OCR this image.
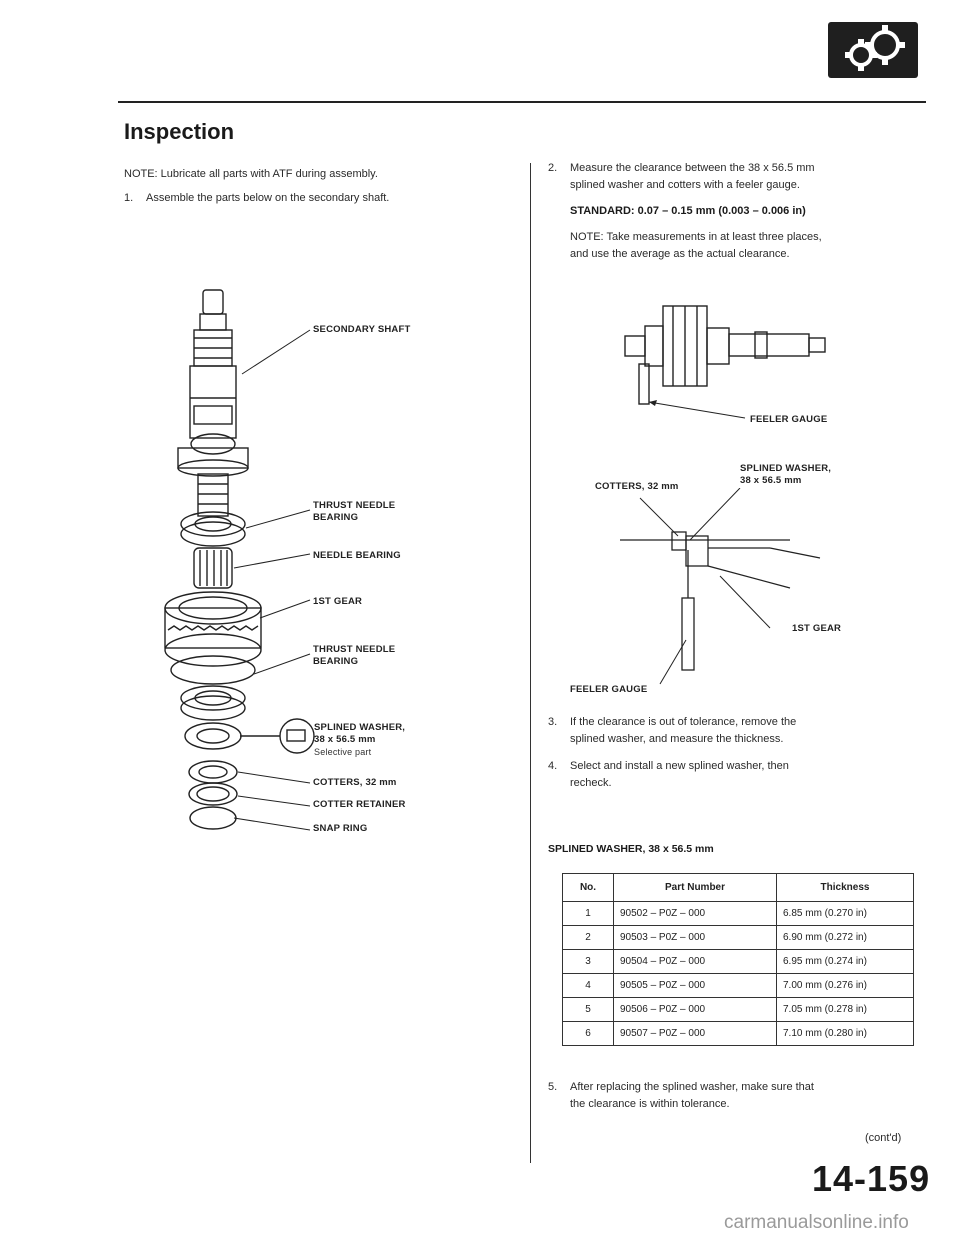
Inspection
NOTE: Lubricate all parts with ATF during assembly.
1. Assemble the parts below on the secondary shaft.
SECONDARY SHAFT
THRUST NEEDLE
BEARING
NEEDLE BEARING
1ST GEAR
THRUST NEEDLE
BEARING
SPLINED WASHER,
38 x 56.5 mm
Selective part
COTTERS, 32 mm
COTTER RETAINER
SNAP RING
2. Measure the clearance between the 38 x 56.5 mm
splined washer and cotters with a feeler gauge.
STANDARD: 0.07 – 0.15 mm (0.003 – 0.006 in)
NOTE: Take measurements in at least three places,
and use the average as the actual clearance.
FEELER GAUGE
SPLINED WASHER,
38 x 56.5 mm
COTTERS, 32 mm
1ST GEAR
FEELER GAUGE
3. If the clearance is out of tolerance, remove the
splined washer, and measure the thickness.
4. Select and install a new splined washer, then
recheck.
SPLINED WASHER, 38 x 56.5 mm
No.	Part Number	Thickness
1	90502 – P0Z – 000	6.85 mm (0.270 in)
2	90503 – P0Z – 000	6.90 mm (0.272 in)
3	90504 – P0Z – 000	6.95 mm (0.274 in)
4	90505 – P0Z – 000	7.00 mm (0.276 in)
5	90506 – P0Z – 000	7.05 mm (0.278 in)
6	90507 – P0Z – 000	7.10 mm (0.280 in)
5. After replacing the splined washer, make sure that
the clearance is within tolerance.
(cont'd)
14-159
carmanualsonline.info
